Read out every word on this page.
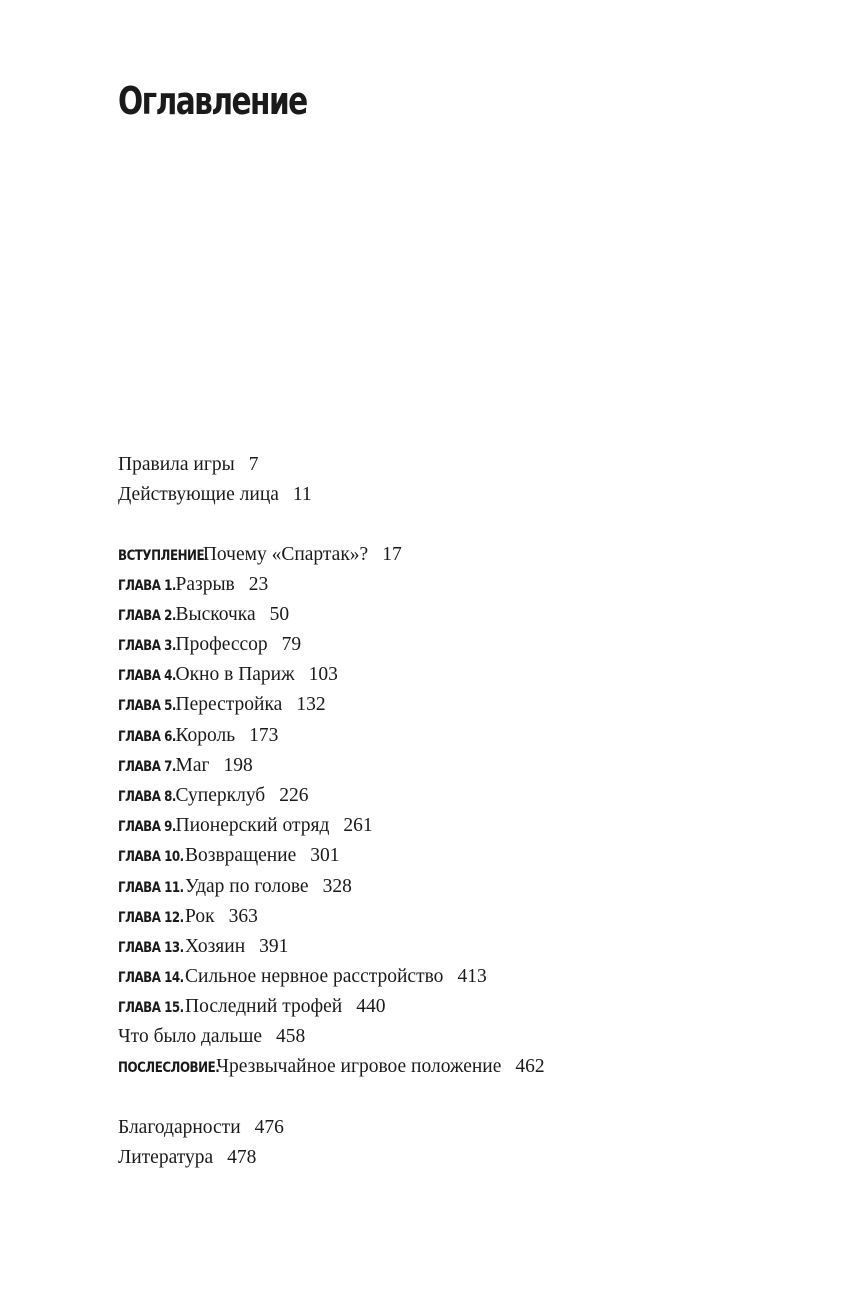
Оглавление
Правила игры 7
Действующие лица 11
ВСТУПЛЕНИЕ. Почему «Спартак»? 17
ГЛАВА 1. Разрыв 23
ГЛАВА 2. Выскочка 50
ГЛАВА 3. Профессор 79
ГЛАВА 4. Окно в Париж 103
ГЛАВА 5. Перестройка 132
ГЛАВА 6. Король 173
ГЛАВА 7. Маг 198
ГЛАВА 8. Суперклуб 226
ГЛАВА 9. Пионерский отряд 261
ГЛАВА 10. Возвращение 301
ГЛАВА 11. Удар по голове 328
ГЛАВА 12. Рок 363
ГЛАВА 13. Хозяин 391
ГЛАВА 14. Сильное нервное расстройство 413
ГЛАВА 15. Последний трофей 440
Что было дальше 458
ПОСЛЕСЛОВИЕ. Чрезвычайное игровое положение 462
Благодарности 476
Литература 478
